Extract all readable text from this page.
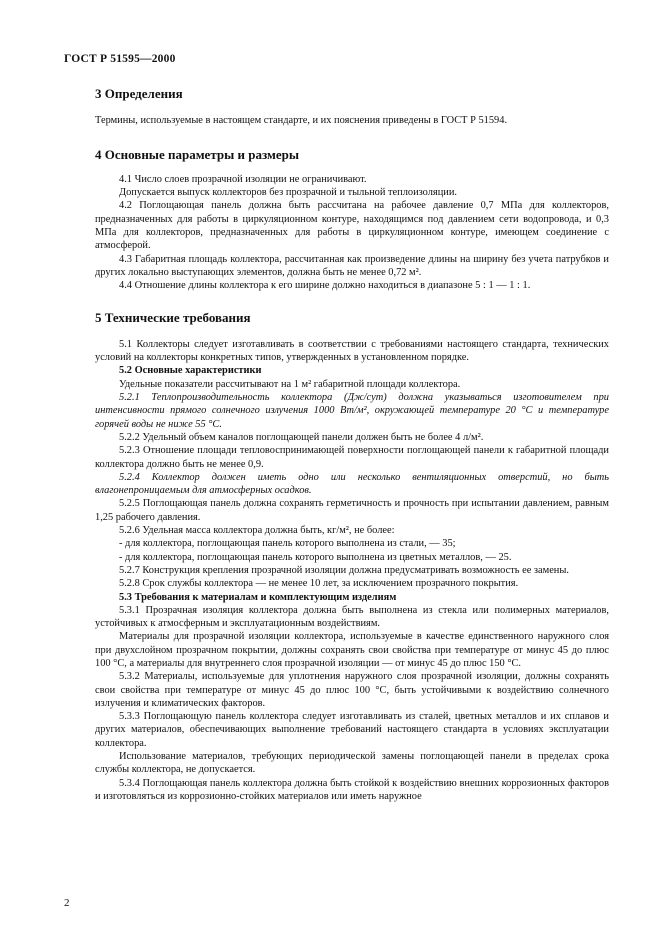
ГОСТ Р 51595—2000

3 Определения

Термины, используемые в настоящем стандарте, и их пояснения приведены в ГОСТ Р 51594.

4 Основные параметры и размеры

4.1 Число слоев прозрачной изоляции не ограничивают.

Допускается выпуск коллекторов без прозрачной и тыльной теплоизоляции.

4.2 Поглощающая панель должна быть рассчитана на рабочее давление 0,7 МПа для коллекторов, предназначенных для работы в циркуляционном контуре, находящимся под давлением сети водопровода, и 0,3 МПа для коллекторов, предназначенных для работы в циркуляционном контуре, имеющем соединение с атмосферой.

4.3 Габаритная площадь коллектора, рассчитанная как произведение длины на ширину без учета патрубков и других локально выступающих элементов, должна быть не менее 0,72 м².

4.4 Отношение длины коллектора к его ширине должно находиться в диапазоне 5 : 1 — 1 : 1.

5 Технические требования

5.1 Коллекторы следует изготавливать в соответствии с требованиями настоящего стандарта, технических условий на коллекторы конкретных типов, утвержденных в установленном порядке.

5.2 Основные характеристики

Удельные показатели рассчитывают на 1 м² габаритной площади коллектора.

5.2.1 Теплопроизводительность коллектора (Дж/сут) должна указываться изготовителем при интенсивности прямого солнечного излучения 1000 Вт/м², окружающей температуре 20 °С и температуре горячей воды не ниже 55 °С.

5.2.2 Удельный объем каналов поглощающей панели должен быть не более 4 л/м².

5.2.3 Отношение площади тепловоспринимающей поверхности поглощающей панели к габаритной площади коллектора должно быть не менее 0,9.

5.2.4 Коллектор должен иметь одно или несколько вентиляционных отверстий, но быть влагонепроницаемым для атмосферных осадков.

5.2.5 Поглощающая панель должна сохранять герметичность и прочность при испытании давлением, равным 1,25 рабочего давления.

5.2.6 Удельная масса коллектора должна быть, кг/м², не более:

- для коллектора, поглощающая панель которого выполнена из стали, — 35;

- для коллектора, поглощающая панель которого выполнена из цветных металлов, — 25.

5.2.7 Конструкция крепления прозрачной изоляции должна предусматривать возможность ее замены.

5.2.8 Срок службы коллектора — не менее 10 лет, за исключением прозрачного покрытия.

5.3 Требования к материалам и комплектующим изделиям

5.3.1 Прозрачная изоляция коллектора должна быть выполнена из стекла или полимерных материалов, устойчивых к атмосферным и эксплуатационным воздействиям.

Материалы для прозрачной изоляции коллектора, используемые в качестве единственного наружного слоя при двухслойном прозрачном покрытии, должны сохранять свои свойства при температуре от минус 45 до плюс 100 °С, а материалы для внутреннего слоя прозрачной изоляции — от минус 45 до плюс 150 °С.

5.3.2 Материалы, используемые для уплотнения наружного слоя прозрачной изоляции, должны сохранять свои свойства при температуре от минус 45 до плюс 100 °С, быть устойчивыми к воздействию солнечного излучения и климатических факторов.

5.3.3 Поглощающую панель коллектора следует изготавливать из сталей, цветных металлов и их сплавов и других материалов, обеспечивающих выполнение требований настоящего стандарта в условиях эксплуатации коллектора.

Использование материалов, требующих периодической замены поглощающей панели в пределах срока службы коллектора, не допускается.

5.3.4 Поглощающая панель коллектора должна быть стойкой к воздействию внешних коррозионных факторов и изготовляться из коррозионно-стойких материалов или иметь наружное

2
